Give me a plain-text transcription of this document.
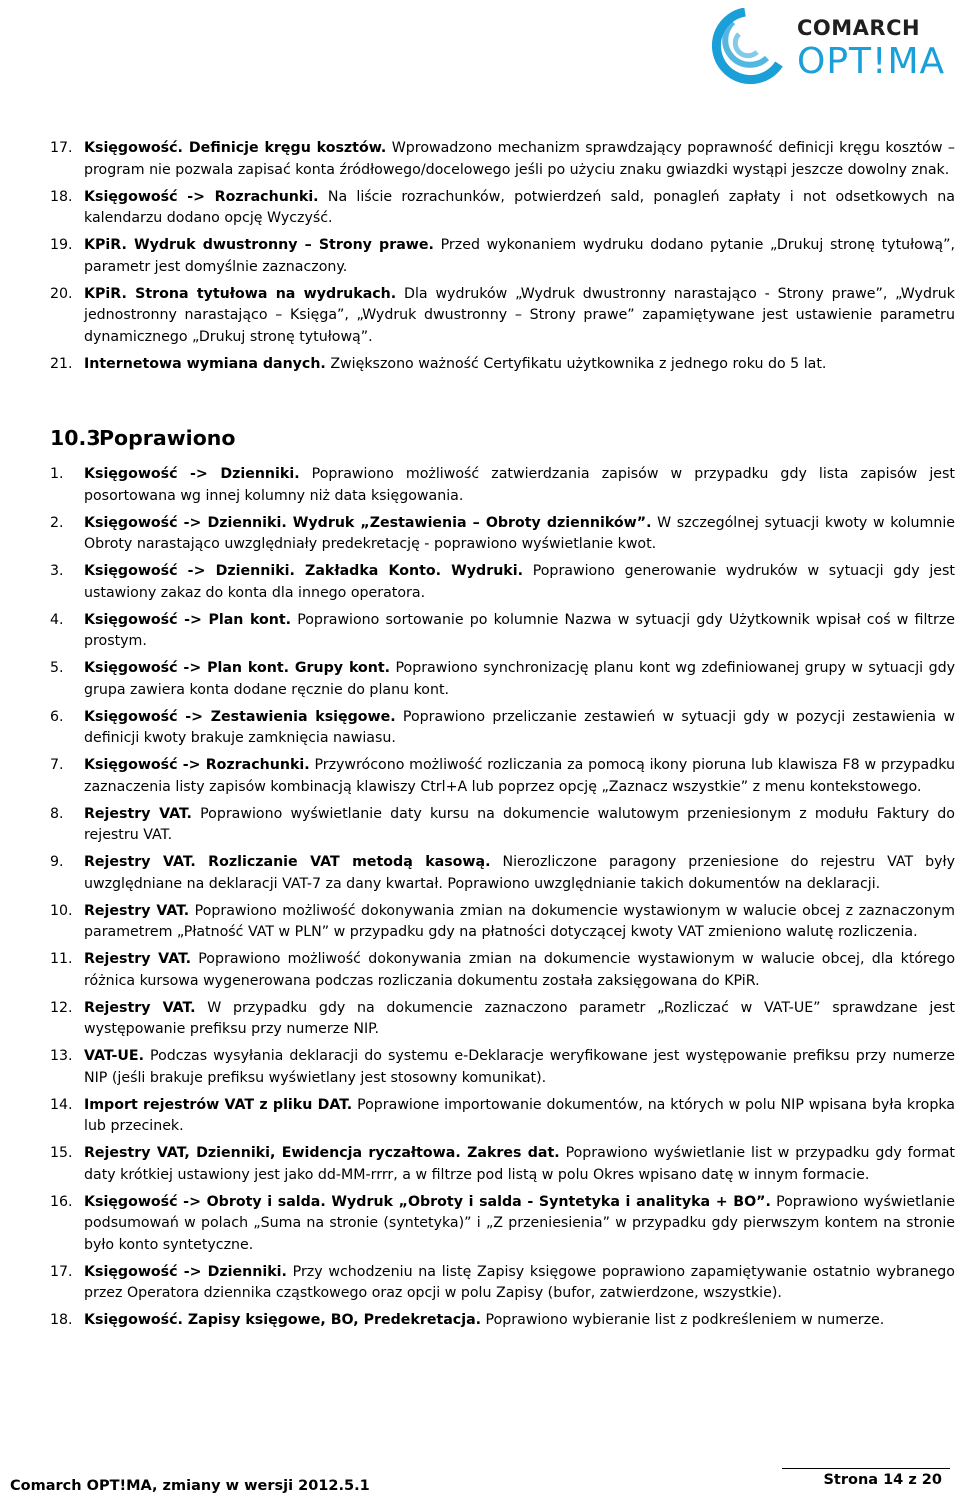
COMARCH
OPT!MA
17. Księgowość. Definicje kręgu kosztów. Wprowadzono mechanizm sprawdzający poprawność definicji kręgu kosztów – program nie pozwala zapisać konta źródłowego/docelowego jeśli po użyciu znaku gwiazdki wystąpi jeszcze dowolny znak.
18. Księgowość -> Rozrachunki. Na liście rozrachunków, potwierdzeń sald, ponagleń zapłaty i not odsetkowych na kalendarzu dodano opcję Wyczyść.
19. KPiR. Wydruk dwustronny – Strony prawe. Przed wykonaniem wydruku dodano pytanie „Drukuj stronę tytułową”, parametr jest domyślnie zaznaczony.
20. KPiR. Strona tytułowa na wydrukach. Dla wydruków „Wydruk dwustronny narastająco - Strony prawe”, „Wydruk jednostronny narastająco – Księga”, „Wydruk dwustronny – Strony prawe” zapamiętywane jest ustawienie parametru dynamicznego „Drukuj stronę tytułową”.
21. Internetowa wymiana danych. Zwiększono ważność Certyfikatu użytkownika z jednego roku do 5 lat.
10.3Poprawiono
1. Księgowość -> Dzienniki. Poprawiono możliwość zatwierdzania zapisów w przypadku gdy lista zapisów jest posortowana wg innej kolumny niż data księgowania.
2. Księgowość -> Dzienniki. Wydruk „Zestawienia – Obroty dzienników”. W szczególnej sytuacji kwoty w kolumnie Obroty narastająco uwzględniały predekretację - poprawiono wyświetlanie kwot.
3. Księgowość -> Dzienniki. Zakładka Konto. Wydruki. Poprawiono generowanie wydruków w sytuacji gdy jest ustawiony zakaz do konta dla innego operatora.
4. Księgowość -> Plan kont. Poprawiono sortowanie po kolumnie Nazwa w sytuacji gdy Użytkownik wpisał coś w filtrze prostym.
5. Księgowość -> Plan kont. Grupy kont. Poprawiono synchronizację planu kont wg zdefiniowanej grupy w sytuacji gdy grupa zawiera konta dodane ręcznie do planu kont.
6. Księgowość -> Zestawienia księgowe. Poprawiono przeliczanie zestawień w sytuacji gdy w pozycji zestawienia w definicji kwoty brakuje zamknięcia nawiasu.
7. Księgowość -> Rozrachunki. Przywrócono możliwość rozliczania za pomocą ikony pioruna lub klawisza F8 w przypadku zaznaczenia listy zapisów kombinacją klawiszy Ctrl+A lub poprzez opcję „Zaznacz wszystkie” z menu kontekstowego.
8. Rejestry VAT. Poprawiono wyświetlanie daty kursu na dokumencie walutowym przeniesionym z modułu Faktury do rejestru VAT.
9. Rejestry VAT. Rozliczanie VAT metodą kasową. Nierozliczone paragony przeniesione do rejestru VAT były uwzględniane na deklaracji VAT-7 za dany kwartał. Poprawiono uwzględnianie takich dokumentów na deklaracji.
10. Rejestry VAT. Poprawiono możliwość dokonywania zmian na dokumencie wystawionym w walucie obcej z zaznaczonym parametrem „Płatność VAT w PLN” w przypadku gdy na płatności dotyczącej kwoty VAT zmieniono walutę rozliczenia.
11. Rejestry VAT. Poprawiono możliwość dokonywania zmian na dokumencie wystawionym w walucie obcej, dla którego różnica kursowa wygenerowana podczas rozliczania dokumentu została zaksięgowana do KPiR.
12. Rejestry VAT. W przypadku gdy na dokumencie zaznaczono parametr „Rozliczać w VAT-UE” sprawdzane jest występowanie prefiksu przy numerze NIP.
13. VAT-UE. Podczas wysyłania deklaracji do systemu e-Deklaracje weryfikowane jest występowanie prefiksu przy numerze NIP (jeśli brakuje prefiksu wyświetlany jest stosowny komunikat).
14. Import rejestrów VAT z pliku DAT. Poprawione importowanie dokumentów, na których w polu NIP wpisana była kropka lub przecinek.
15. Rejestry VAT, Dzienniki, Ewidencja ryczałtowa. Zakres dat. Poprawiono wyświetlanie list w przypadku gdy format daty krótkiej ustawiony jest jako dd-MM-rrrr, a w filtrze pod listą w polu Okres wpisano datę w innym formacie.
16. Księgowość -> Obroty i salda. Wydruk „Obroty i salda - Syntetyka i analityka + BO”. Poprawiono wyświetlanie podsumowań w polach „Suma na stronie (syntetyka)” i „Z przeniesienia” w przypadku gdy pierwszym kontem na stronie było konto syntetyczne.
17. Księgowość -> Dzienniki. Przy wchodzeniu na listę Zapisy księgowe poprawiono zapamiętywanie ostatnio wybranego przez Operatora dziennika cząstkowego oraz opcji w polu Zapisy (bufor, zatwierdzone, wszystkie).
18. Księgowość. Zapisy księgowe, BO, Predekretacja. Poprawiono wybieranie list z podkreśleniem w numerze.
Comarch OPT!MA, zmiany w wersji 2012.5.1	Strona 14 z 20
